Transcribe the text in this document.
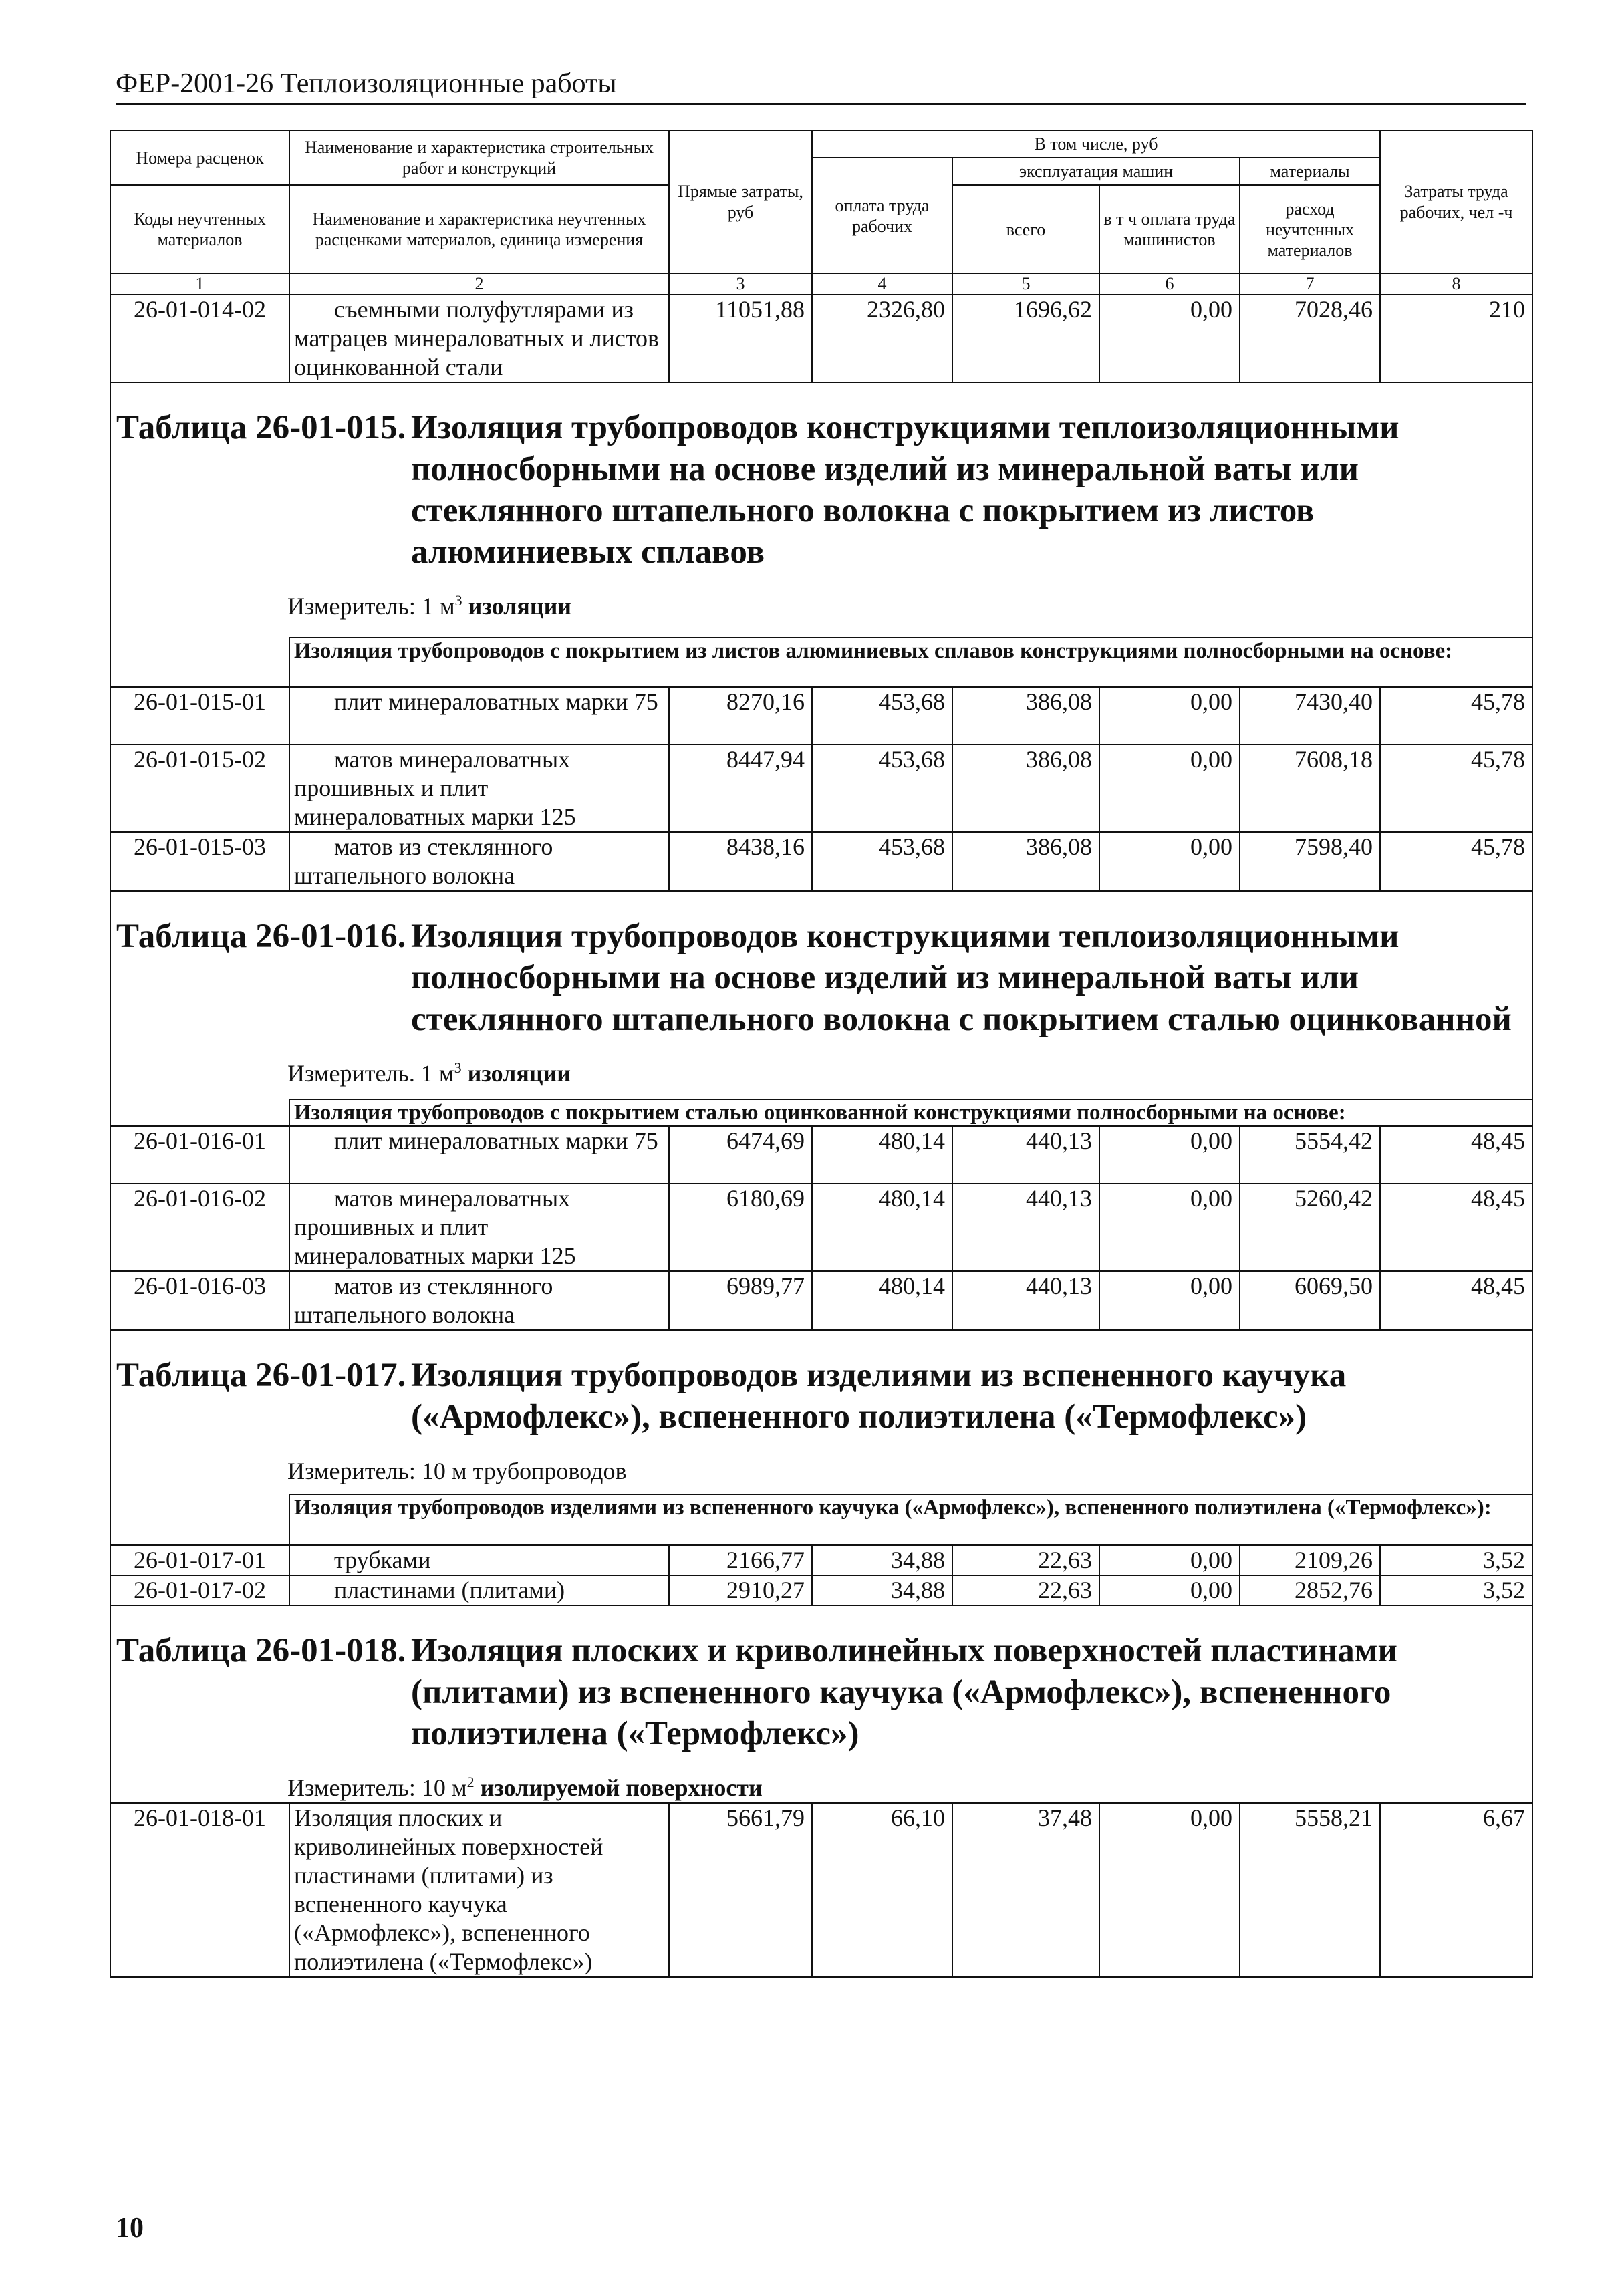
ФЕР-2001-26 Теплоизоляционные работы
Номера расценок	Наименование и характеристика строительных работ и конструкций	Прямые затраты, руб	В том числе, руб				Затраты труда рабочих, чел -ч
			оплата труда рабочих	эксплуатация машин		материалы	
Коды неучтенных материалов	Наименование и характеристика неучтенных расценками материалов, единица измерения			всего	в т ч оплата труда машинистов	расход неучтенных материалов	

1	2	3	4	5	6	7	8
26-01-014-02	съемными полуфутлярами из матрацев минераловатных и листов оцинкованной стали	11051,88	2326,80	1696,62	0,00	7028,46	210

Таблица 26-01-015. Изоляция трубопроводов конструкциями теплоизоляционными полносборными на основе изделий из минеральной ваты или стеклянного штапельного волокна с покрытием из листов алюминиевых сплавов
Измеритель: 1 $м^3$ изоляции							

	Изоляция трубопроводов с покрытием из листов алюминиевых сплавов конструкциями полносборными на основе:						
26-01-015-01	плит минераловатных марки 75	8270,16	453,68	386,08	0,00	7430,40	45,78
26-01-015-02	матов минераловатных прошивных и плит минераловатных марки 125	8447,94	453,68	386,08	0,00	7608,18	45,78
26-01-015-03	матов из стеклянного штапельного волокна	8438,16	453,68	386,08	0,00	7598,40	45,78

Таблица 26-01-016. Изоляция трубопроводов конструкциями теплоизоляционными полносборными на основе изделий из минеральной ваты или стеклянного штапельного волокна с покрытием сталью оцинкованной
Измеритель. 1 $м^3$ изоляции							

	Изоляция трубопроводов с покрытием сталью оцинкованной конструкциями полносборными на основе:						
26-01-016-01	плит минераловатных марки 75	6474,69	480,14	440,13	0,00	5554,42	48,45
26-01-016-02	матов минераловатных прошивных и плит минераловатных марки 125	6180,69	480,14	440,13	0,00	5260,42	48,45
26-01-016-03	матов из стеклянного штапельного волокна	6989,77	480,14	440,13	0,00	6069,50	48,45

Таблица 26-01-017. Изоляция трубопроводов изделиями из вспененного каучука («Армофлекс»), вспененного полиэтилена («Термофлекс»)
Измеритель: 10 м трубопроводов							

	Изоляция трубопроводов изделиями из вспененного каучука («Армофлекс»), вспененного полиэтилена («Термофлекс»):						
26-01-017-01	трубками	2166,77	34,88	22,63	0,00	2109,26	3,52
26-01-017-02	пластинами (плитами)	2910,27	34,88	22,63	0,00	2852,76	3,52

Таблица 26-01-018. Изоляция плоских и криволинейных поверхностей пластинами (плитами) из вспененного каучука («Армофлекс»), вспененного полиэтилена («Термофлекс»)
Измеритель: 10 $м^2$ изолируемой поверхности							

26-01-018-01	Изоляция плоских и криволинейных поверхностей пластинами (плитами) из вспененного каучука («Армофлекс»), вспененного полиэтилена («Термофлекс»)	5661,79	66,10	37,48	0,00	5558,21	6,67
10
